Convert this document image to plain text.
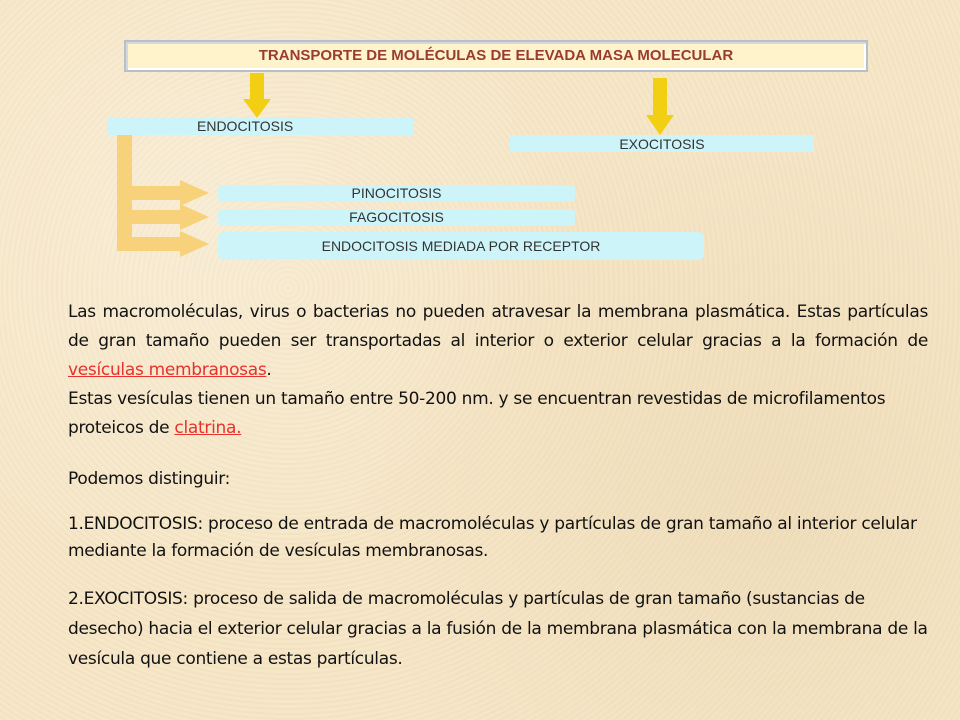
TRANSPORTE DE MOLÉCULAS DE ELEVADA MASA MOLECULAR
ENDOCITOSIS
EXOCITOSIS
PINOCITOSIS
FAGOCITOSIS
ENDOCITOSIS MEDIADA POR RECEPTOR

Las macromoléculas, virus o bacterias no pueden atravesar la membrana plasmática. Estas partículas de gran tamaño pueden ser transportadas al interior o exterior celular gracias a la formación de vesículas membranosas.

Estas vesículas tienen un tamaño entre 50-200 nm. y se encuentran revestidas de microfilamentos proteicos de clatrina.

Podemos distinguir:

1.ENDOCITOSIS: proceso de entrada de macromoléculas y partículas de gran tamaño al interior celular mediante la formación de vesículas membranosas.

2.EXOCITOSIS: proceso de salida de macromoléculas y partículas de gran tamaño (sustancias de desecho) hacia el exterior celular gracias a la fusión de la membrana plasmática con la membrana de la vesícula que contiene a estas partículas.
